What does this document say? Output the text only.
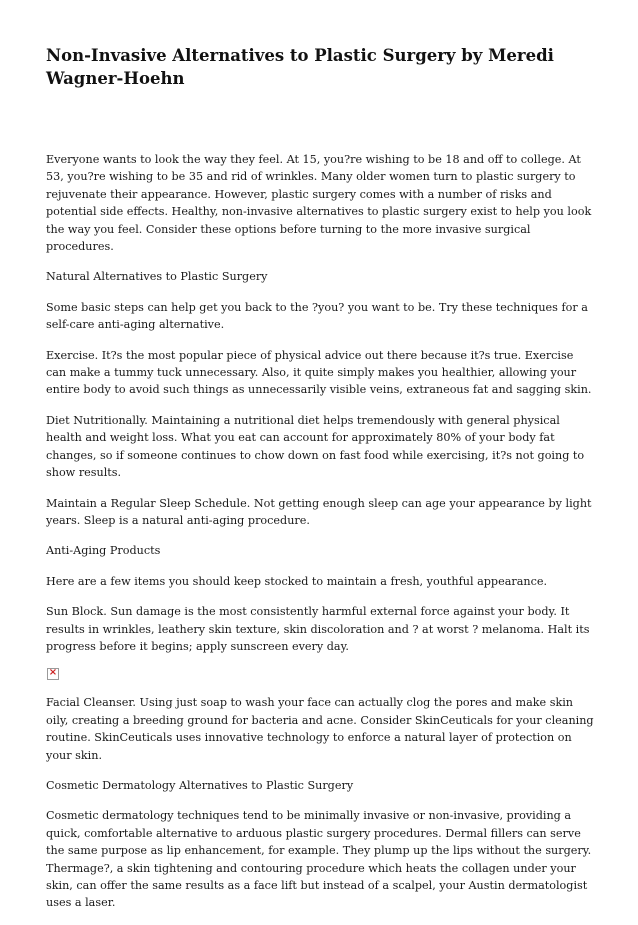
Non-Invasive Alternatives to Plastic Surgery by Meredi Wagner-Hoehn

Everyone wants to look the way they feel. At 15, you?re wishing to be 18 and off to college. At 53, you?re wishing to be 35 and rid of wrinkles. Many older women turn to plastic surgery to rejuvenate their appearance. However, plastic surgery comes with a number of risks and potential side effects. Healthy, non-invasive alternatives to plastic surgery exist to help you look the way you feel. Consider these options before turning to the more invasive surgical procedures.

Natural Alternatives to Plastic Surgery

Some basic steps can help get you back to the ?you? you want to be. Try these techniques for a self-care anti-aging alternative.

Exercise. It?s the most popular piece of physical advice out there because it?s true. Exercise can make a tummy tuck unnecessary. Also, it quite simply makes you healthier, allowing your entire body to avoid such things as unnecessarily visible veins, extraneous fat and sagging skin.

Diet Nutritionally. Maintaining a nutritional diet helps tremendously with general physical health and weight loss. What you eat can account for approximately 80% of your body fat changes, so if someone continues to chow down on fast food while exercising, it?s not going to show results.

Maintain a Regular Sleep Schedule. Not getting enough sleep can age your appearance by light years. Sleep is a natural anti-aging procedure.

Anti-Aging Products

Here are a few items you should keep stocked to maintain a fresh, youthful appearance.

Sun Block. Sun damage is the most consistently harmful external force against your body. It results in wrinkles, leathery skin texture, skin discoloration and ? at worst ? melanoma. Halt its progress before it begins; apply sunscreen every day.

×

Facial Cleanser. Using just soap to wash your face can actually clog the pores and make skin oily, creating a breeding ground for bacteria and acne. Consider SkinCeuticals for your cleaning routine. SkinCeuticals uses innovative technology to enforce a natural layer of protection on your skin.

Cosmetic Dermatology Alternatives to Plastic Surgery

Cosmetic dermatology techniques tend to be minimally invasive or non-invasive, providing a quick, comfortable alternative to arduous plastic surgery procedures. Dermal fillers can serve the same purpose as lip enhancement, for example. They plump up the lips without the surgery. Thermage?, a skin tightening and contouring procedure which heats the collagen under your skin, can offer the same results as a face lift but instead of a scalpel, your Austin dermatologist uses a laser.
